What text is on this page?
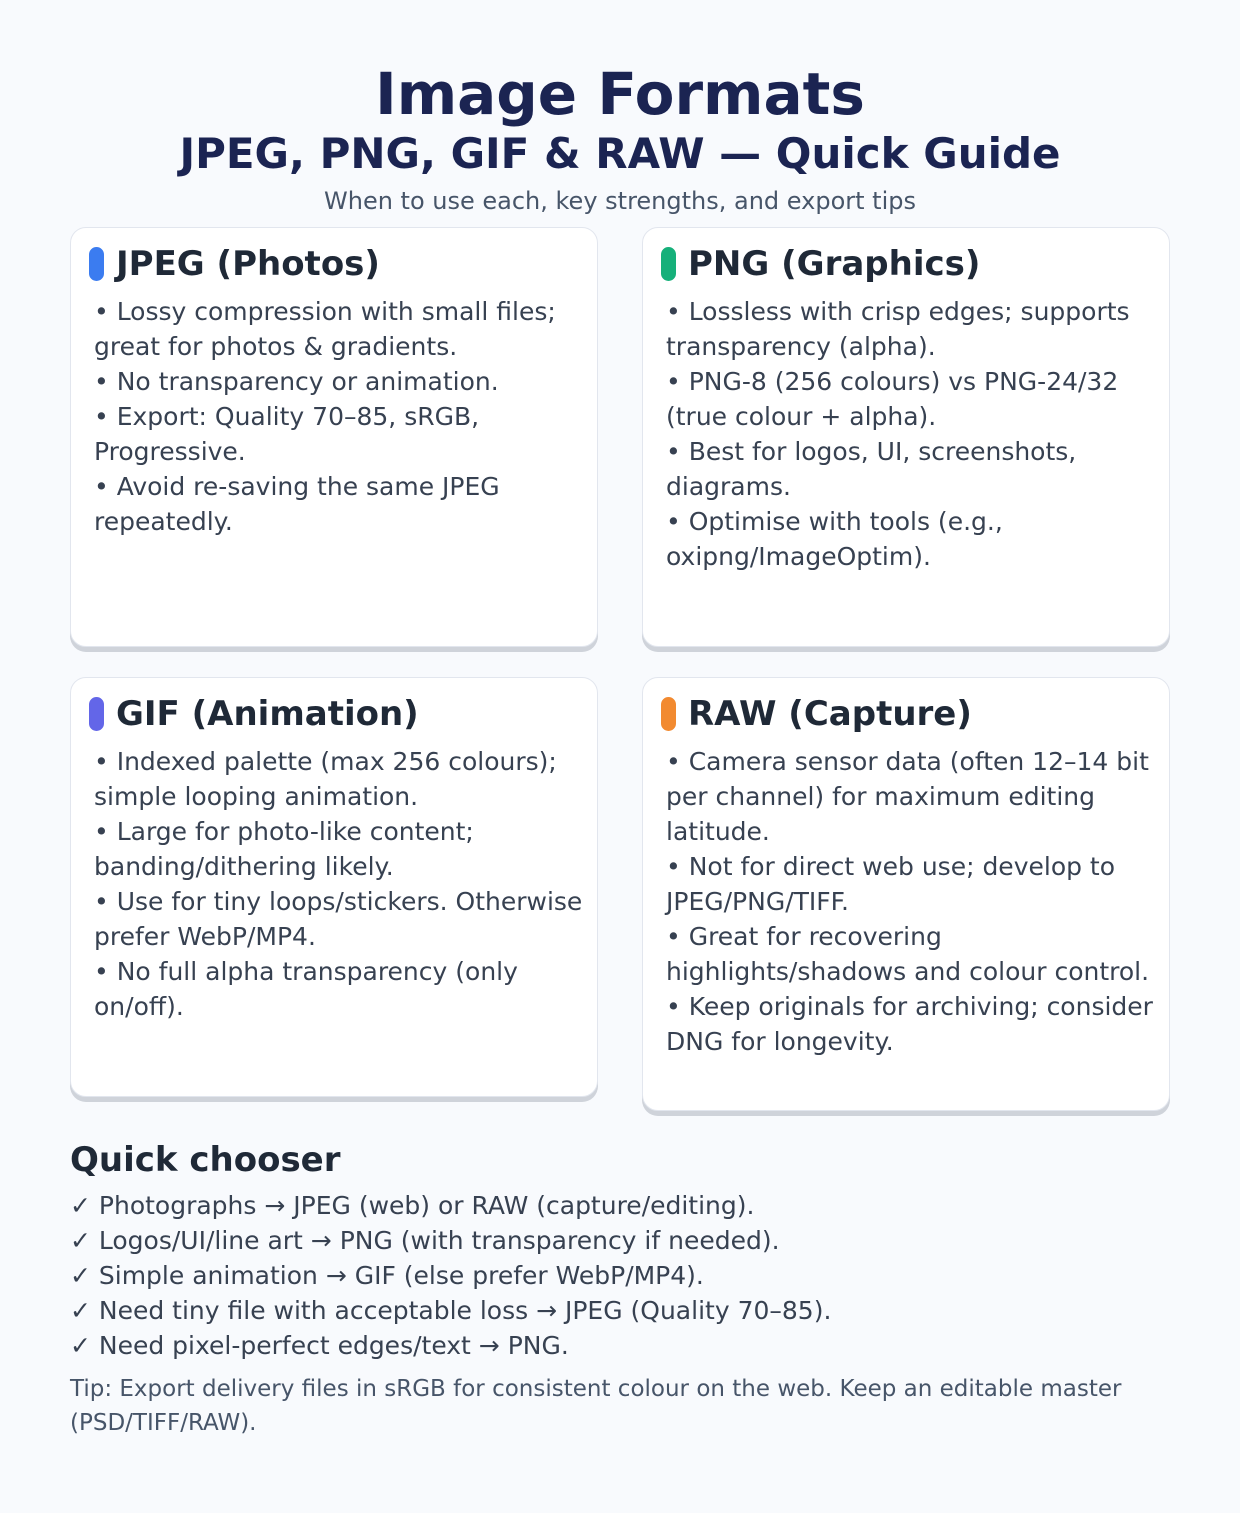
Image Formats
JPEG, PNG, GIF & RAW — Quick Guide

When to use each, key strengths, and export tips

JPEG (Photos)

• Lossy compression with small files; great for photos & gradients.

• No transparency or animation.

• Export: Quality 70–85, sRGB, Progressive.

• Avoid re-saving the same JPEG repeatedly.

PNG (Graphics)

• Lossless with crisp edges; supports transparency (alpha).

• PNG-8 (256 colours) vs PNG-24/32 (true colour + alpha).

• Best for logos, UI, screenshots, diagrams.

• Optimise with tools (e.g., oxipng/ImageOptim).

GIF (Animation)

• Indexed palette (max 256 colours); simple looping animation.

• Large for photo-like content; banding/dithering likely.

• Use for tiny loops/stickers. Otherwise prefer WebP/MP4.

• No full alpha transparency (only on/off).

RAW (Capture)

• Camera sensor data (often 12–14 bit per channel) for maximum editing latitude.

• Not for direct web use; develop to JPEG/PNG/TIFF.

• Great for recovering highlights/shadows and colour control.

• Keep originals for archiving; consider DNG for longevity.

Quick chooser

✓ Photographs → JPEG (web) or RAW (capture/editing).

✓ Logos/UI/line art → PNG (with transparency if needed).

✓ Simple animation → GIF (else prefer WebP/MP4).

✓ Need tiny file with acceptable loss → JPEG (Quality 70–85).

✓ Need pixel-perfect edges/text → PNG.

Tip: Export delivery files in sRGB for consistent colour on the web. Keep an editable master (PSD/TIFF/RAW).
